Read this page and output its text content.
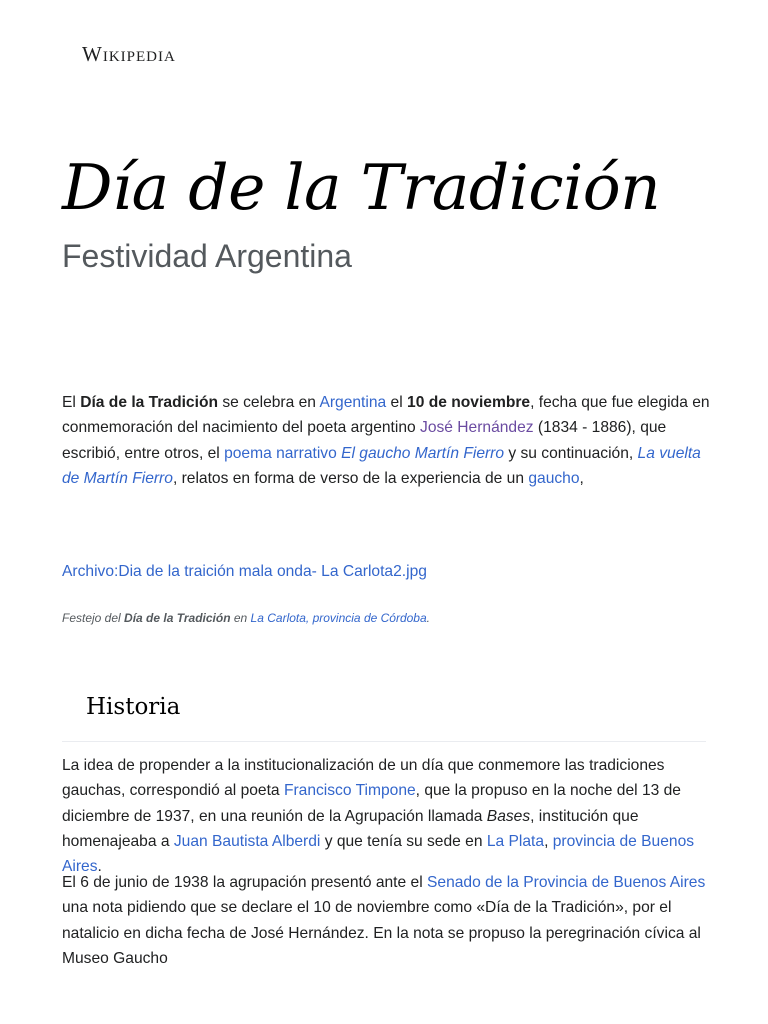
Wikipedia
Día de la Tradición
Festividad Argentina

El Día de la Tradición se celebra en Argentina el 10 de noviembre, fecha que fue elegida en conmemoración del nacimiento del poeta argentino José Hernández (1834 - 1886), que escribió, entre otros, el poema narrativo El gaucho Martín Fierro y su continuación, La vuelta de Martín Fierro, relatos en forma de verso de la experiencia de un gaucho,

Archivo:Dia de la traición mala onda- La Carlota2.jpg
Festejo del Día de la Tradición en La Carlota, provincia de Córdoba.
Historia

La idea de propender a la institucionalización de un día que conmemore las tradiciones gauchas, correspondió al poeta Francisco Timpone, que la propuso en la noche del 13 de diciembre de 1937, en una reunión de la Agrupación llamada Bases, institución que homenajeaba a Juan Bautista Alberdi y que tenía su sede en La Plata, provincia de Buenos Aires.

El 6 de junio de 1938 la agrupación presentó ante el Senado de la Provincia de Buenos Aires una nota pidiendo que se declare el 10 de noviembre como «Día de la Tradición», por el natalicio en dicha fecha de José Hernández. En la nota se propuso la peregrinación cívica al Museo Gaucho
